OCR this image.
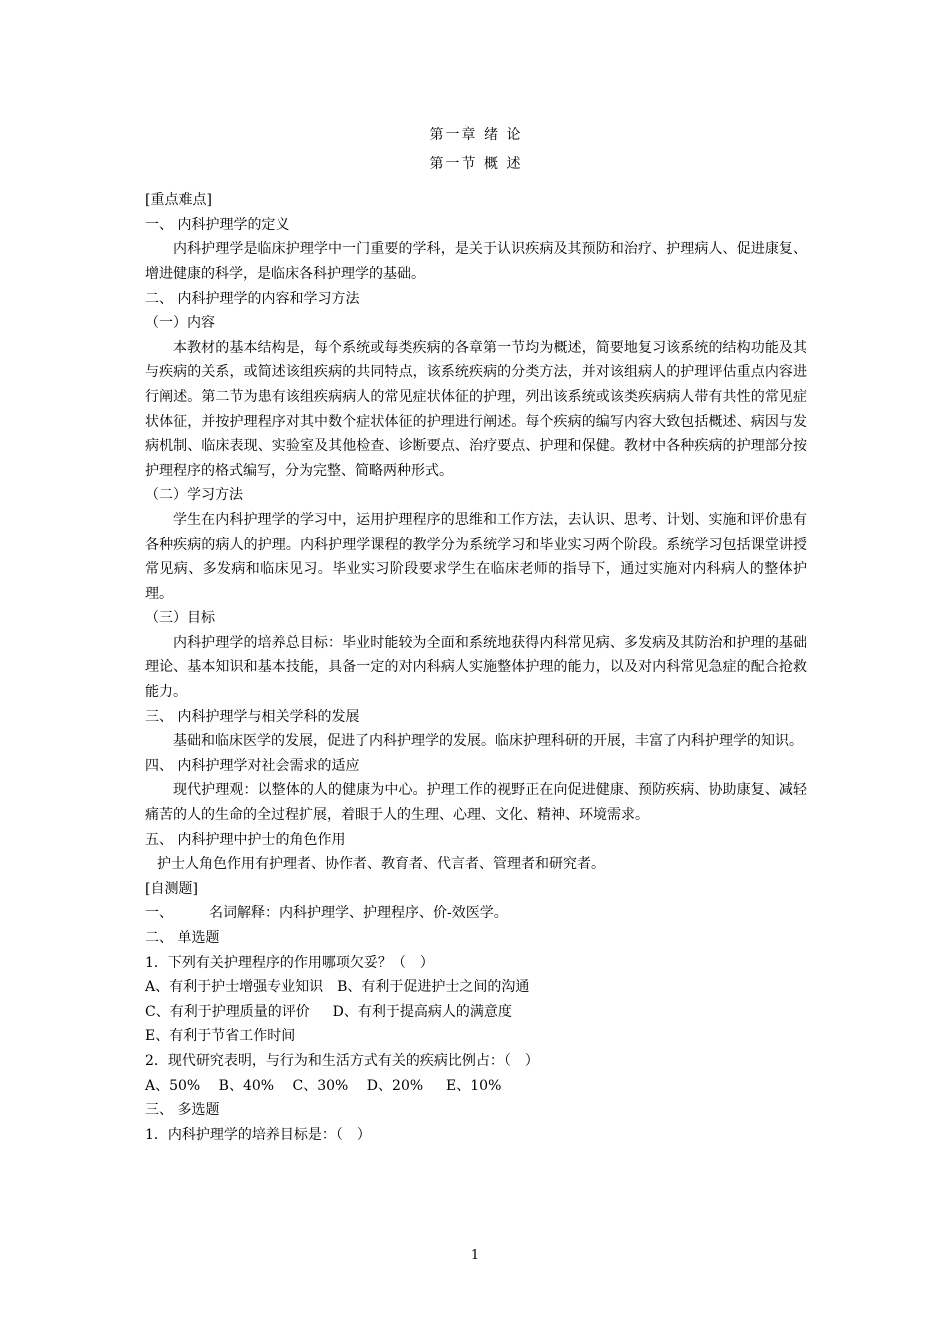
第一章 绪 论
第一节 概 述
[重点难点]
一、 内科护理学的定义
内科护理学是临床护理学中一门重要的学科，是关于认识疾病及其预防和治疗、护理病人、促进康复、增进健康的科学，是临床各科护理学的基础。
二、 内科护理学的内容和学习方法
（一）内容
本教材的基本结构是，每个系统或每类疾病的各章第一节均为概述，简要地复习该系统的结构功能及其与疾病的关系，或简述该组疾病的共同特点，该系统疾病的分类方法，并对该组病人的护理评估重点内容进行阐述。第二节为患有该组疾病病人的常见症状体征的护理，列出该系统或该类疾病病人带有共性的常见症状体征，并按护理程序对其中数个症状体征的护理进行阐述。每个疾病的编写内容大致包括概述、病因与发病机制、临床表现、实验室及其他检查、诊断要点、治疗要点、护理和保健。教材中各种疾病的护理部分按护理程序的格式编写，分为完整、简略两种形式。
（二）学习方法
学生在内科护理学的学习中，运用护理程序的思维和工作方法，去认识、思考、计划、实施和评价患有各种疾病的病人的护理。内科护理学课程的教学分为系统学习和毕业实习两个阶段。系统学习包括课堂讲授常见病、多发病和临床见习。毕业实习阶段要求学生在临床老师的指导下，通过实施对内科病人的整体护理。
（三）目标
内科护理学的培养总目标：毕业时能较为全面和系统地获得内科常见病、多发病及其防治和护理的基础理论、基本知识和基本技能，具备一定的对内科病人实施整体护理的能力，以及对内科常见急症的配合抢救能力。
三、 内科护理学与相关学科的发展
基础和临床医学的发展，促进了内科护理学的发展。临床护理科研的开展，丰富了内科护理学的知识。
四、 内科护理学对社会需求的适应
现代护理观：以整体的人的健康为中心。护理工作的视野正在向促进健康、预防疾病、协助康复、减轻痛苦的人的生命的全过程扩展，着眼于人的生理、心理、文化、精神、环境需求。
五、 内科护理中护士的角色作用
护士人角色作用有护理者、协作者、教育者、代言者、管理者和研究者。
[自测题]
一、	名词解释：内科护理学、护理程序、价-效医学。
二、 单选题
1．下列有关护理程序的作用哪项欠妥？（　）
A、有利于护士增强专业知识　B、有利于促进护士之间的沟通
C、有利于护理质量的评价　  D、有利于提高病人的满意度
E、有利于节省工作时间
2．现代研究表明，与行为和生活方式有关的疾病比例占：（　）
A、50%　 B、40%　 C、30%　 D、20%　  E、10%
三、 多选题
1．内科护理学的培养目标是：（　）
1
